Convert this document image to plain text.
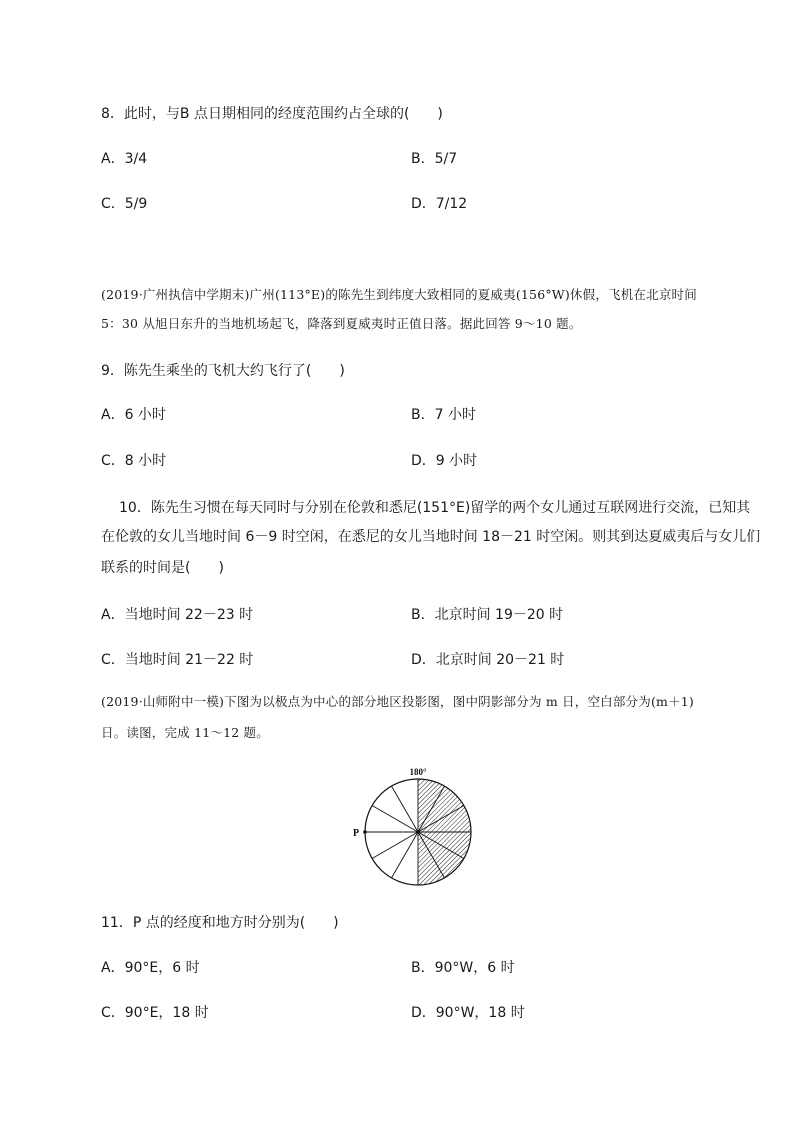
8．此时，与B 点日期相同的经度范围约占全球的(　　)
A．3/4	B．5/7
C．5/9	D．7/12
(2019·广州执信中学期末)广州(113°E)的陈先生到纬度大致相同的夏威夷(156°W)休假，飞机在北京时间
5：30 从旭日东升的当地机场起飞，降落到夏威夷时正值日落。据此回答 9～10 题。
9．陈先生乘坐的飞机大约飞行了(　　)
A．6 小时	B．7 小时
C．8 小时	D．9 小时
10．陈先生习惯在每天同时与分别在伦敦和悉尼(151°E)留学的两个女儿通过互联网进行交流，已知其
在伦敦的女儿当地时间 6－9 时空闲，在悉尼的女儿当地时间 18－21 时空闲。则其到达夏威夷后与女儿们
联系的时间是(　　)
A．当地时间 22－23 时	B．北京时间 19－20 时
C．当地时间 21－22 时	D．北京时间 20－21 时
(2019·山师附中一模)下图为以极点为中心的部分地区投影图，图中阴影部分为 m 日，空白部分为(m＋1)
日。读图，完成 11～12 题。
180°
P
11．P 点的经度和地方时分别为(　　)
A．90°E，6 时	B．90°W，6 时
C．90°E，18 时	D．90°W，18 时
